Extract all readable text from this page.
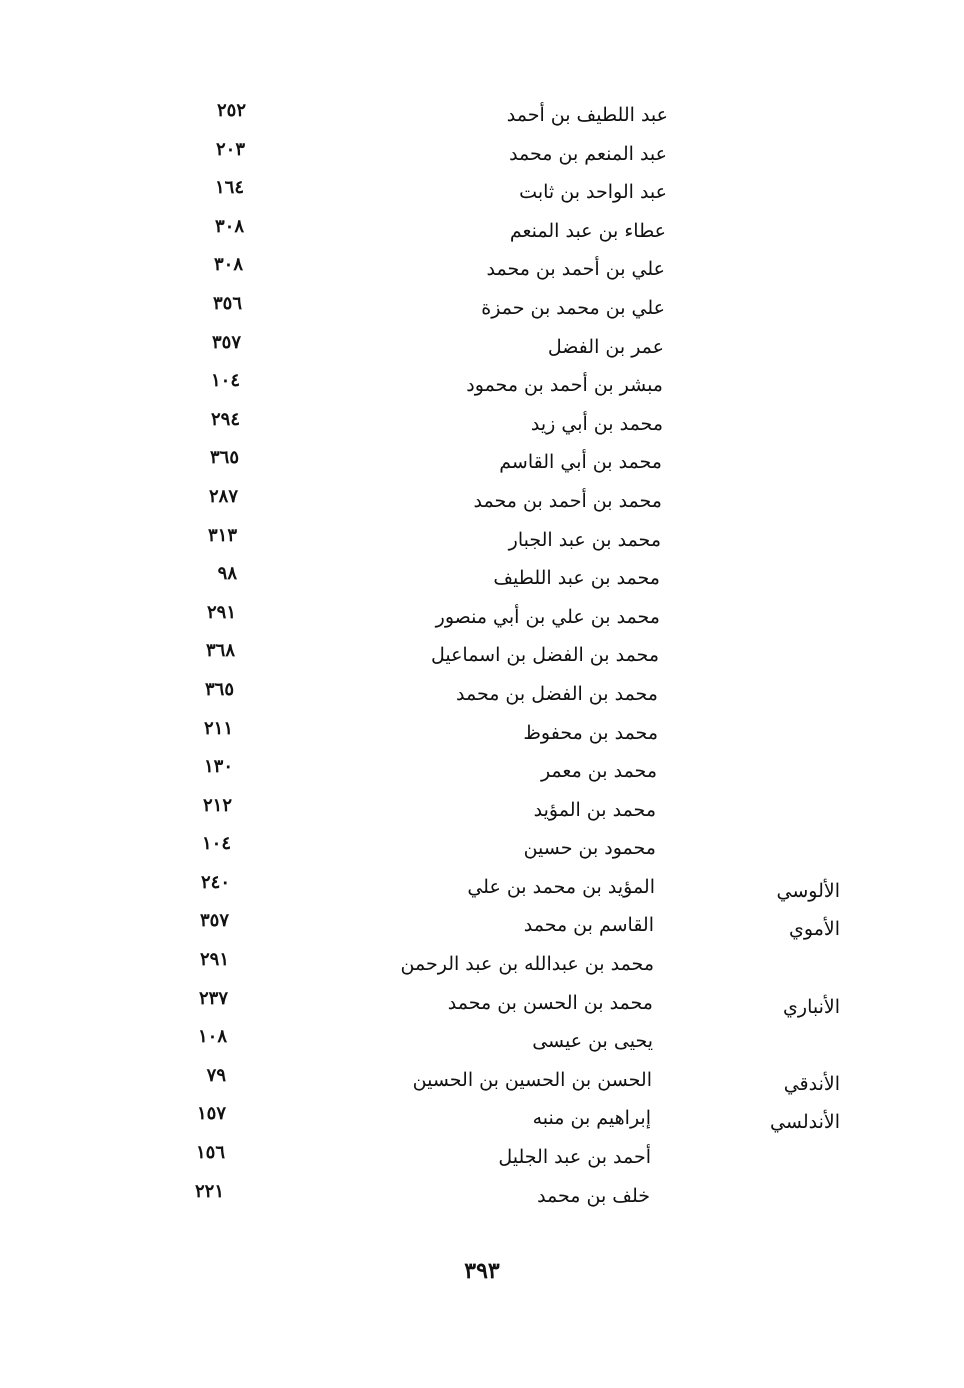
عبد اللطيف بن أحمد
٢٥٢
عبد المنعم بن محمد
٢٠٣
عبد الواحد بن ثابت
١٦٤
عطاء بن عبد المنعم
٣٠٨
علي بن أحمد بن محمد
٣٠٨
علي بن محمد بن حمزة
٣٥٦
عمر بن الفضل
٣٥٧
مبشر بن أحمد بن محمود
١٠٤
محمد بن أبي زيد
٢٩٤
محمد بن أبي القاسم
٣٦٥
محمد بن أحمد بن محمد
٢٨٧
محمد بن عبد الجبار
٣١٣
محمد بن عبد اللطيف
٩٨
محمد بن علي بن أبي منصور
٢٩١
محمد بن الفضل بن اسماعيل
٣٦٨
محمد بن الفضل بن محمد
٣٦٥
محمد بن محفوظ
٢١١
محمد بن معمر
١٣٠
محمد بن المؤيد
٢١٢
محمود بن حسين
١٠٤
الألوسي
المؤيد بن محمد بن علي
٢٤٠
الأموي
القاسم بن محمد
٣٥٧
محمد بن عبدالله بن عبد الرحمن
٢٩١
الأنباري
محمد بن الحسن بن محمد
٢٣٧
يحيى بن عيسى
١٠٨
الأندقي
الحسن بن الحسين بن الحسين
٧٩
الأندلسي
إبراهيم بن منبه
١٥٧
أحمد بن عبد الجليل
١٥٦
خلف بن محمد
٢٢١
٣٩٣
